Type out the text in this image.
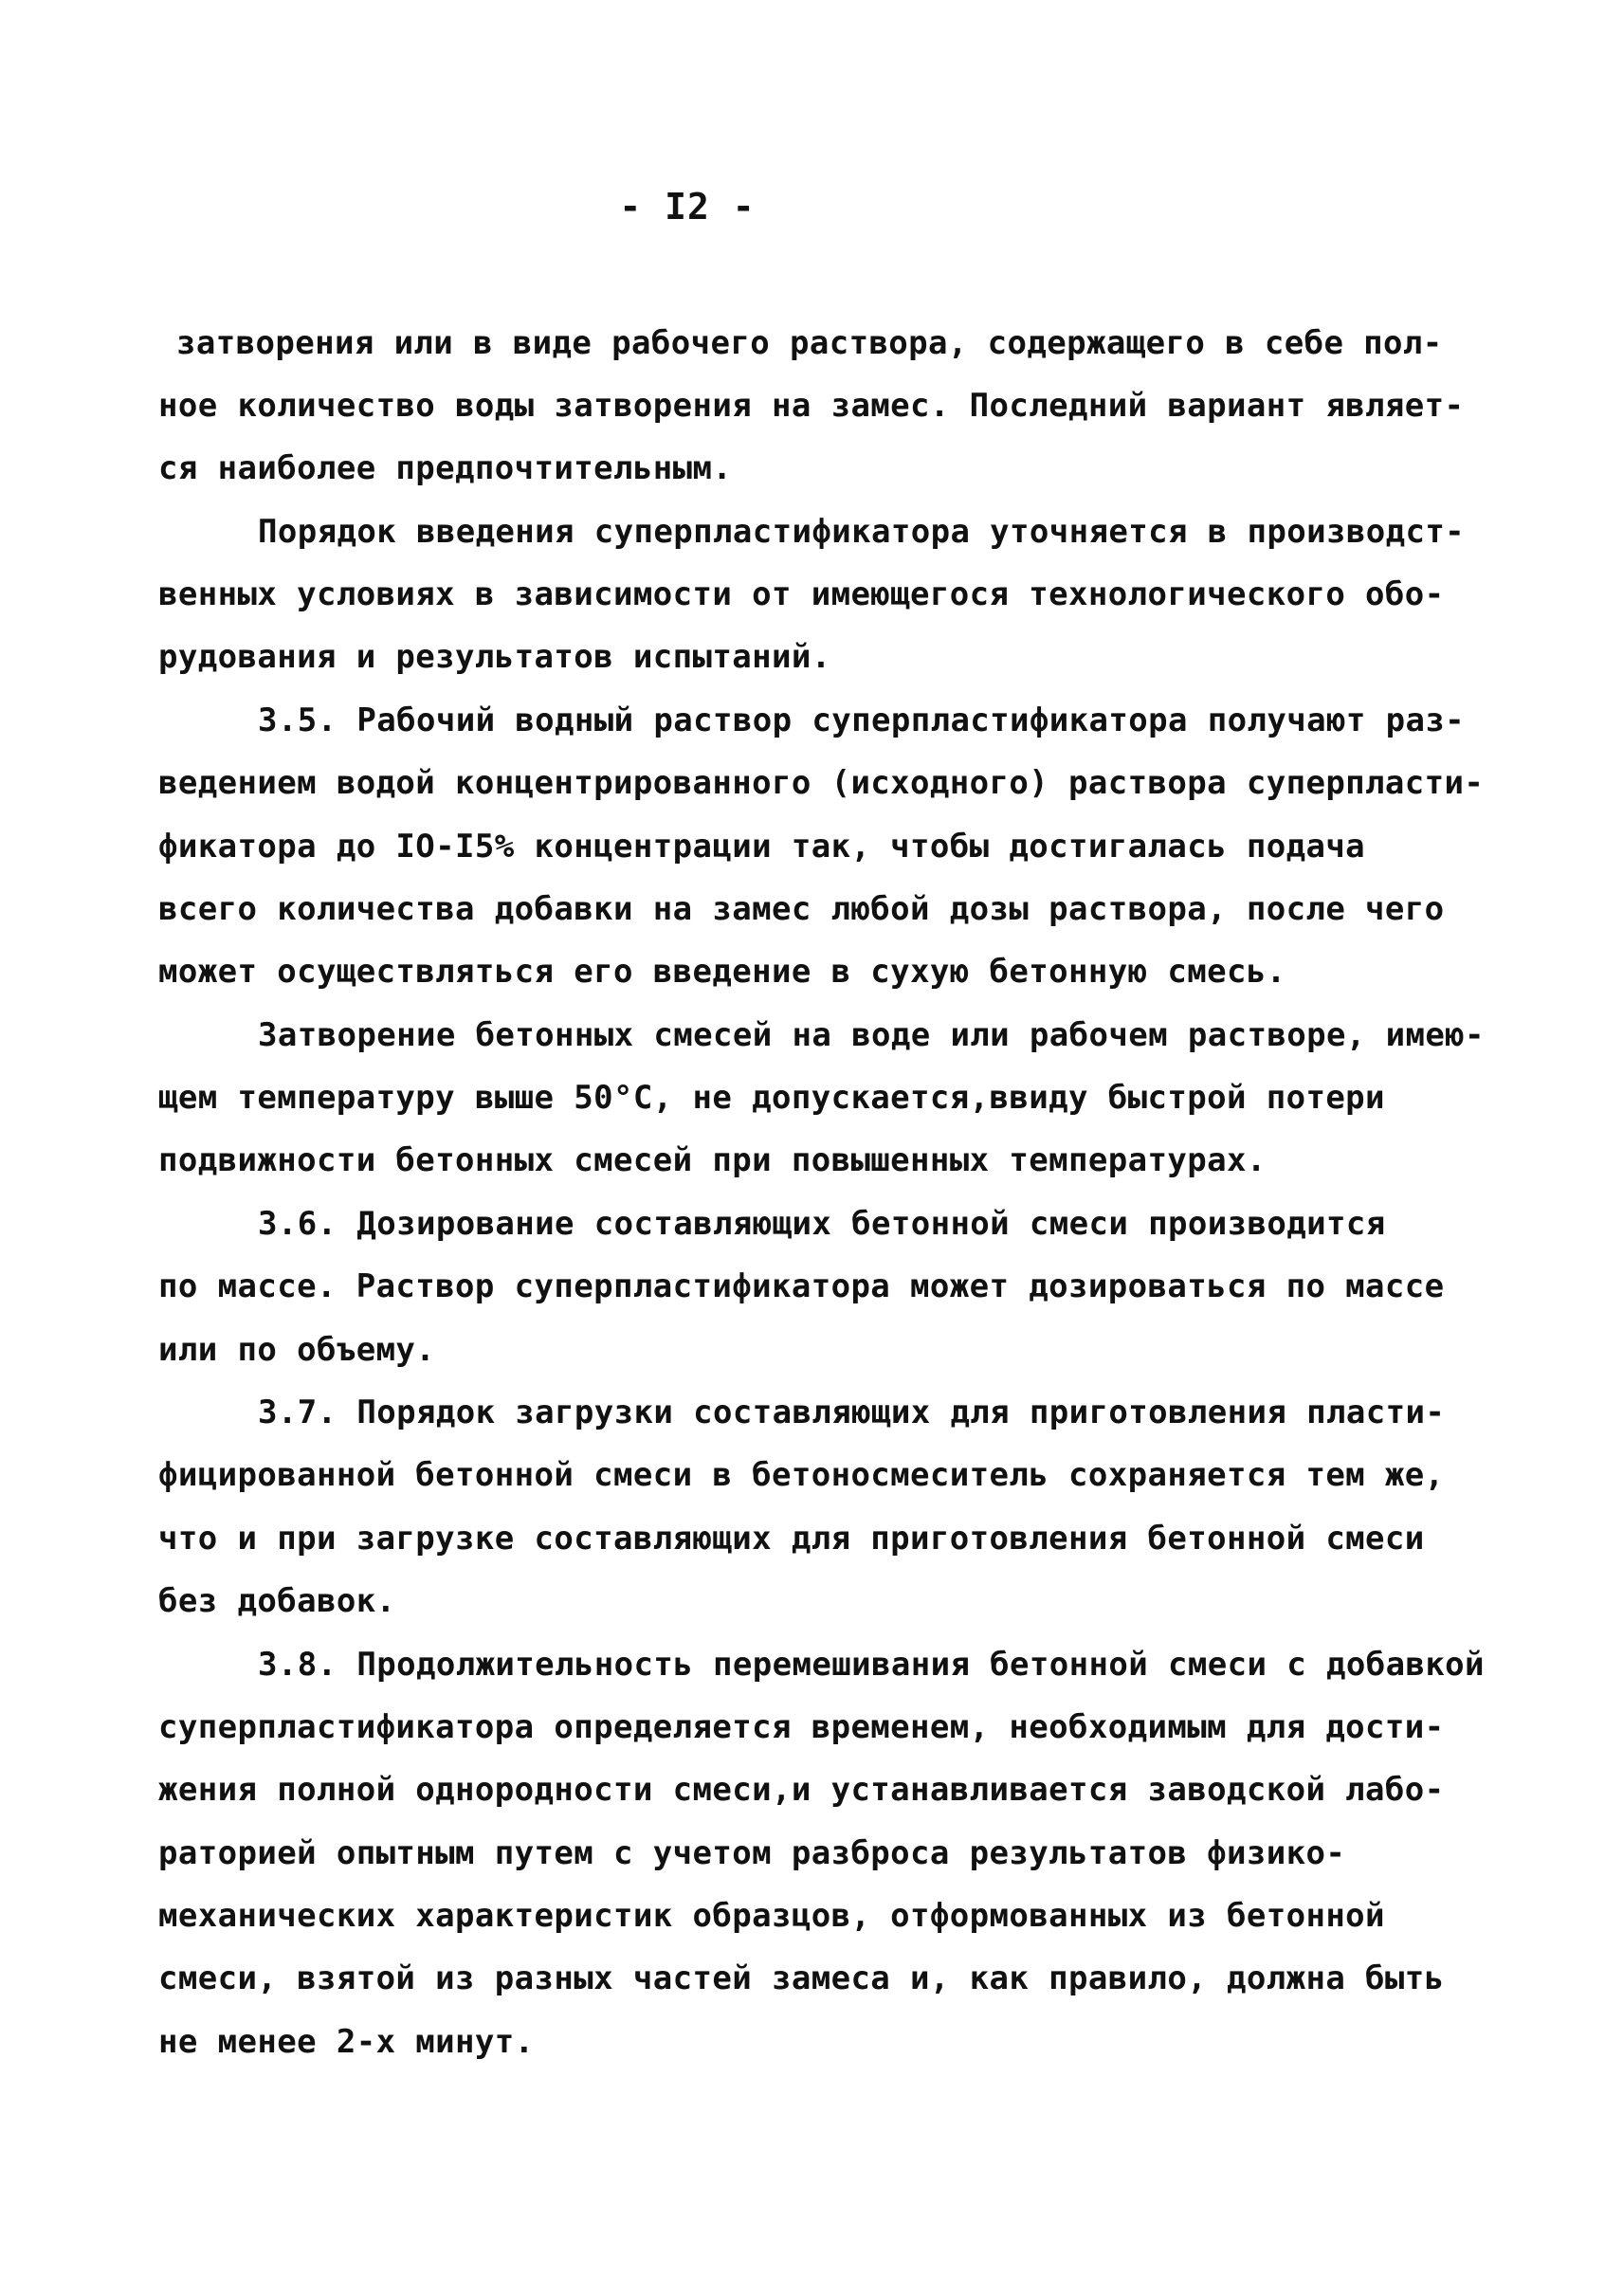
- I2 -
затворения или в виде рабочего раствора, содержащего в себе пол-
ное количество воды затворения на замес. Последний вариант являет-
ся наиболее предпочтительным.
Порядок введения суперпластификатора уточняется в производст-
венных условиях в зависимости от имеющегося технологического обо-
рудования и результатов испытаний.
3.5. Рабочий водный раствор суперпластификатора получают раз-
ведением водой концентрированного (исходного) раствора суперпласти-
фикатора до IO-I5% концентрации так, чтобы достигалась подача
всего количества добавки на замес любой дозы раствора, после чего
может осуществляться его введение в сухую бетонную смесь.
Затворение бетонных смесей на воде или рабочем растворе, имею-
щем температуру выше 50°C, не допускается,ввиду быстрой потери
подвижности бетонных смесей при повышенных температурах.
3.6. Дозирование составляющих бетонной смеси производится
по массе. Раствор суперпластификатора может дозироваться по массе
или по объему.
3.7. Порядок загрузки составляющих для приготовления пласти-
фицированной бетонной смеси в бетоносмеситель сохраняется тем же,
что и при загрузке составляющих для приготовления бетонной смеси
без добавок.
3.8. Продолжительность перемешивания бетонной смеси с добавкой
суперпластификатора определяется временем, необходимым для дости-
жения полной однородности смеси,и устанавливается заводской лабо-
раторией опытным путем с учетом разброса результатов физико-
механических характеристик образцов, отформованных из бетонной
смеси, взятой из разных частей замеса и, как правило, должна быть
не менее 2-х минут.
